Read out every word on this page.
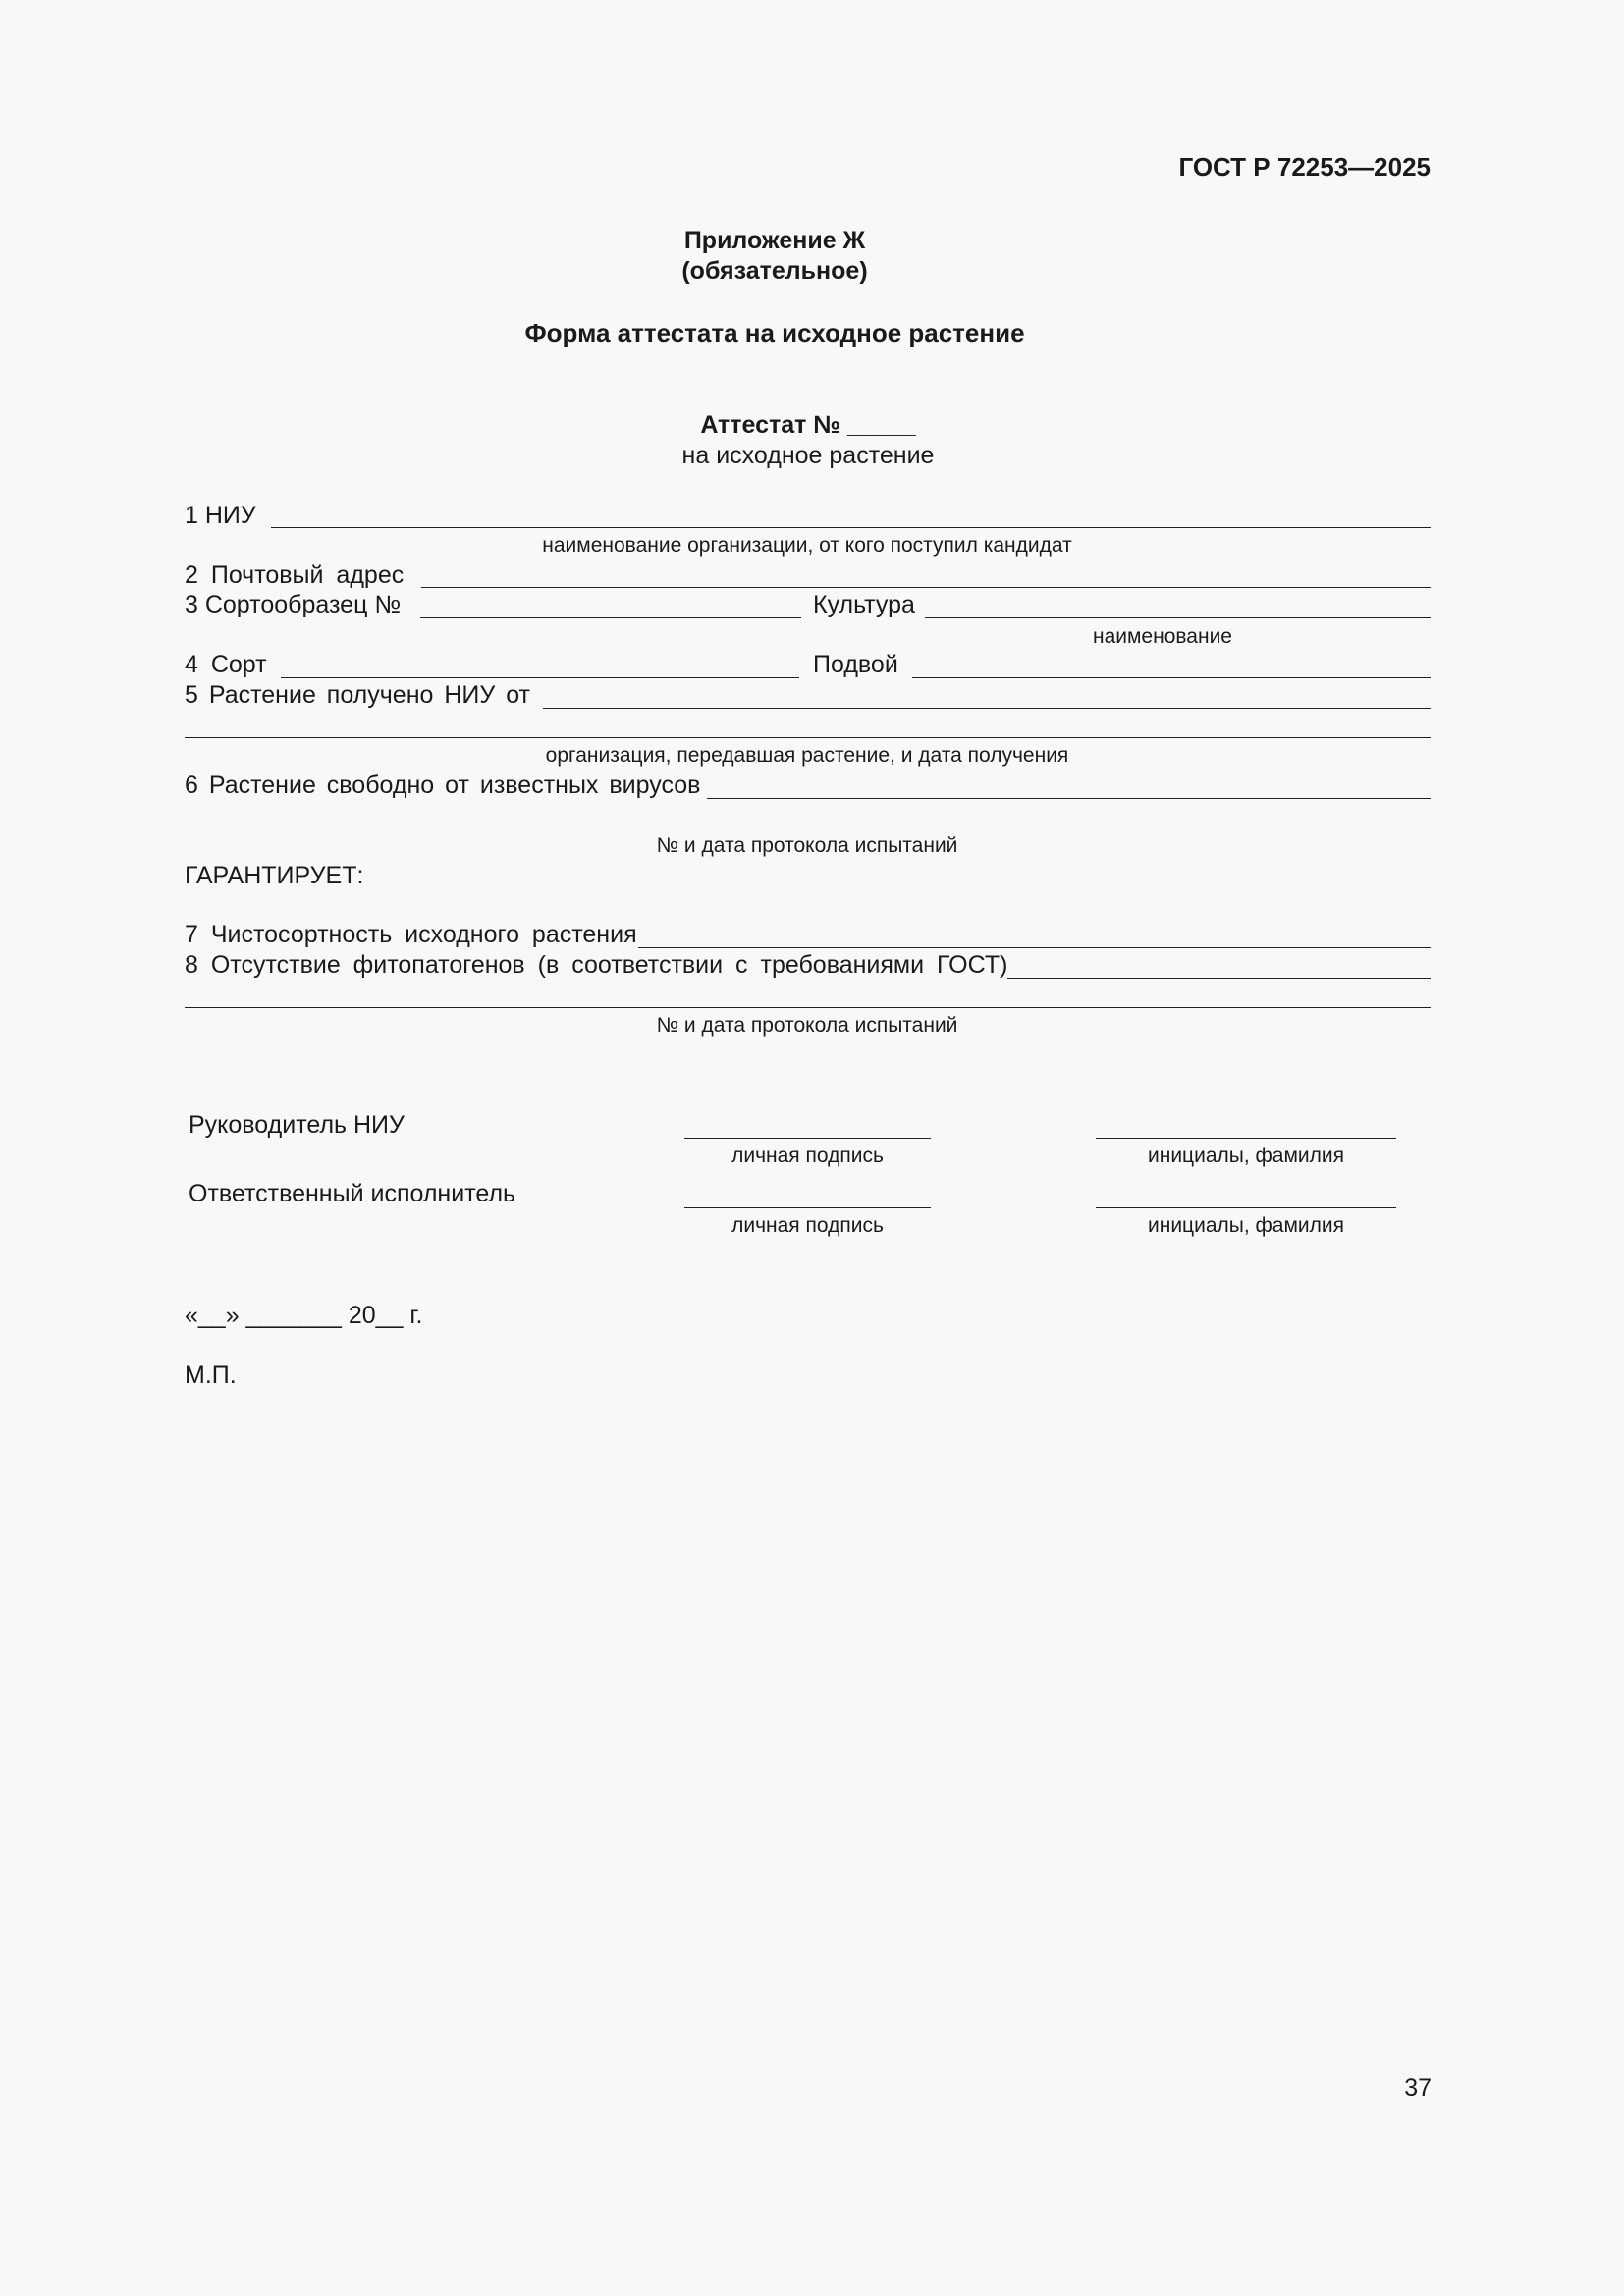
ГОСТ Р 72253—2025
Приложение Ж
(обязательное)
Форма аттестата на исходное растение
Аттестат № _____
на исходное растение
1 НИУ
наименование организации, от кого поступил кандидат
2 Почтовый адрес
3 Сортообразец №	Культура
наименование
4 Сорт	Подвой
5 Растение получено НИУ от
организация, передавшая растение, и дата получения
6 Растение свободно от известных вирусов
№ и дата протокола испытаний
ГАРАНТИРУЕТ:
7 Чистосортность исходного растения
8 Отсутствие фитопатогенов (в соответствии с требованиями ГОСТ)
№ и дата протокола испытаний
Руководитель НИУ
личная подпись	инициалы, фамилия
Ответственный исполнитель
личная подпись	инициалы, фамилия
«__» _______ 20__ г.
М.П.
37
